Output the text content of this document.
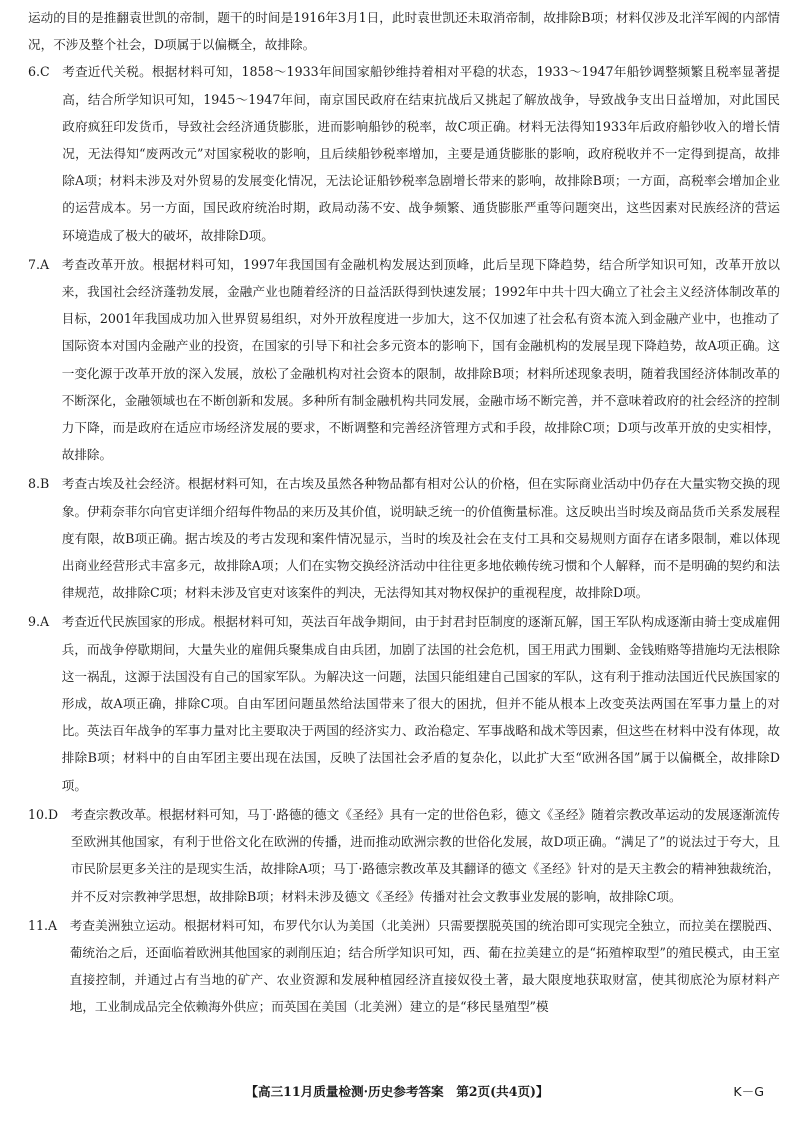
运动的目的是推翻袁世凯的帝制，题干的时间是1916年3月1日，此时袁世凯还未取消帝制，故排除B项；材料仅涉及北洋军阀的内部情况，不涉及整个社会，D项属于以偏概全，故排除。

6.C　 考查近代关税。根据材料可知，1858～1933年间国家船钞维持着相对平稳的状态，1933～1947年船钞调整频繁且税率显著提高，结合所学知识可知，1945～1947年间，南京国民政府在结束抗战后又挑起了解放战争，导致战争支出日益增加，对此国民政府疯狂印发货币，导致社会经济通货膨胀，进而影响船钞的税率，故C项正确。材料无法得知1933年后政府船钞收入的增长情况，无法得知“废两改元”对国家税收的影响，且后续船钞税率增加，主要是通货膨胀的影响，政府税收并不一定得到提高，故排除A项；材料未涉及对外贸易的发展变化情况，无法论证船钞税率急剧增长带来的影响，故排除B项；一方面，高税率会增加企业的运营成本。另一方面，国民政府统治时期，政局动荡不安、战争频繁、通货膨胀严重等问题突出，这些因素对民族经济的营运环境造成了极大的破坏，故排除D项。

7.A　 考查改革开放。根据材料可知，1997年我国国有金融机构发展达到顶峰，此后呈现下降趋势，结合所学知识可知，改革开放以来，我国社会经济蓬勃发展，金融产业也随着经济的日益活跃得到快速发展；1992年中共十四大确立了社会主义经济体制改革的目标，2001年我国成功加入世界贸易组织，对外开放程度进一步加大，这不仅加速了社会私有资本流入到金融产业中，也推动了国际资本对国内金融产业的投资，在国家的引导下和社会多元资本的影响下，国有金融机构的发展呈现下降趋势，故A项正确。这一变化源于改革开放的深入发展，放松了金融机构对社会资本的限制，故排除B项；材料所述现象表明，随着我国经济体制改革的不断深化，金融领域也在不断创新和发展。多种所有制金融机构共同发展，金融市场不断完善，并不意味着政府的社会经济的控制力下降，而是政府在适应市场经济发展的要求，不断调整和完善经济管理方式和手段，故排除C项；D项与改革开放的史实相悖，故排除。

8.B　 考查古埃及社会经济。根据材料可知，在古埃及虽然各种物品都有相对公认的价格，但在实际商业活动中仍存在大量实物交换的现象。伊莉奈菲尔向官吏详细介绍每件物品的来历及其价值，说明缺乏统一的价值衡量标准。这反映出当时埃及商品货币关系发展程度有限，故B项正确。据古埃及的考古发现和案件情况显示，当时的埃及社会在支付工具和交易规则方面存在诸多限制，难以体现出商业经营形式丰富多元，故排除A项；人们在实物交换经济活动中往往更多地依赖传统习惯和个人解释，而不是明确的契约和法律规范，故排除C项；材料未涉及官吏对该案件的判决，无法得知其对物权保护的重视程度，故排除D项。

9.A　 考查近代民族国家的形成。根据材料可知，英法百年战争期间，由于封君封臣制度的逐渐瓦解，国王军队构成逐渐由骑士变成雇佣兵，而战争停歇期间，大量失业的雇佣兵聚集成自由兵团，加剧了法国的社会危机，国王用武力围剿、金钱贿赂等措施均无法根除这一祸乱，这源于法国没有自己的国家军队。为解决这一问题，法国只能组建自己国家的军队，这有利于推动法国近代民族国家的形成，故A项正确，排除C项。自由军团问题虽然给法国带来了很大的困扰，但并不能从根本上改变英法两国在军事力量上的对比。英法百年战争的军事力量对比主要取决于两国的经济实力、政治稳定、军事战略和战术等因素，但这些在材料中没有体现，故排除B项；材料中的自由军团主要出现在法国，反映了法国社会矛盾的复杂化，以此扩大至“欧洲各国”属于以偏概全，故排除D项。

10.D　 考查宗教改革。根据材料可知，马丁·路德的德文《圣经》具有一定的世俗色彩，德文《圣经》随着宗教改革运动的发展逐渐流传至欧洲其他国家，有利于世俗文化在欧洲的传播，进而推动欧洲宗教的世俗化发展，故D项正确。“满足了”的说法过于夸大，且市民阶层更多关注的是现实生活，故排除A项；马丁·路德宗教改革及其翻译的德文《圣经》针对的是天主教会的精神独裁统治，并不反对宗教神学思想，故排除B项；材料未涉及德文《圣经》传播对社会文教事业发展的影响，故排除C项。

11.A　 考查美洲独立运动。根据材料可知，布罗代尔认为美国（北美洲）只需要摆脱英国的统治即可实现完全独立，而拉美在摆脱西、葡统治之后，还面临着欧洲其他国家的剥削压迫；结合所学知识可知，西、葡在拉美建立的是“拓殖榨取型”的殖民模式，由王室直接控制，并通过占有当地的矿产、农业资源和发展种植园经济直接奴役土著，最大限度地获取财富，使其彻底沦为原材料产地，工业制成品完全依赖海外供应；而英国在美国（北美洲）建立的是“移民垦殖型”模

【高三11月质量检测·历史参考答案　第2页(共4页)】	K－G
